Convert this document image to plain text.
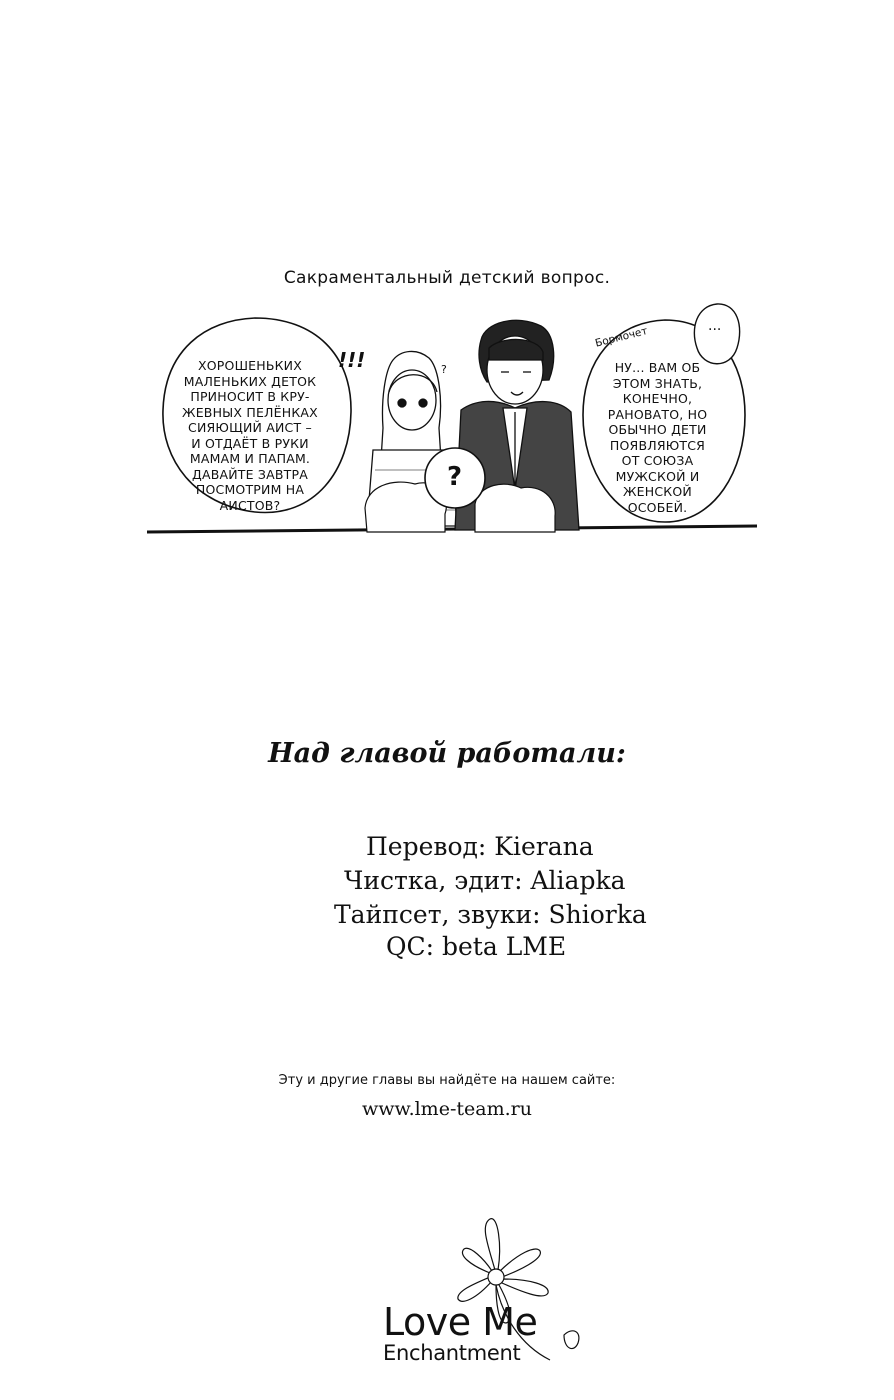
Сакраментальный детский вопрос.
ХОРОШЕНЬКИХ
МАЛЕНЬКИХ ДЕТОК
ПРИНОСИТ В КРУ-
ЖЕВНЫХ ПЕЛЁНКАХ
СИЯЮЩИЙ АИСТ –
И ОТДАЁТ В РУКИ
МАМАМ И ПАПАМ.
ДАВАЙТЕ ЗАВТРА
ПОСМОТРИМ НА
АИСТОВ?
!!!	?
?
Бормочет	...
НУ... ВАМ ОБ
ЭТОМ ЗНАТЬ,
КОНЕЧНО,
РАНОВАТО, НО
ОБЫЧНО ДЕТИ
ПОЯВЛЯЮТСЯ
ОТ СОЮЗА
МУЖСКОЙ И
ЖЕНСКОЙ
ОСОБЕЙ.
Над главой работали:
Перевод: Kierana
Чистка, эдит: Aliapka
Тайпсет, звуки: Shiorka
QC: beta LME
Эту и другие главы вы найдёте на нашем сайте:
www.lme-team.ru
Love Me
Enchantment
